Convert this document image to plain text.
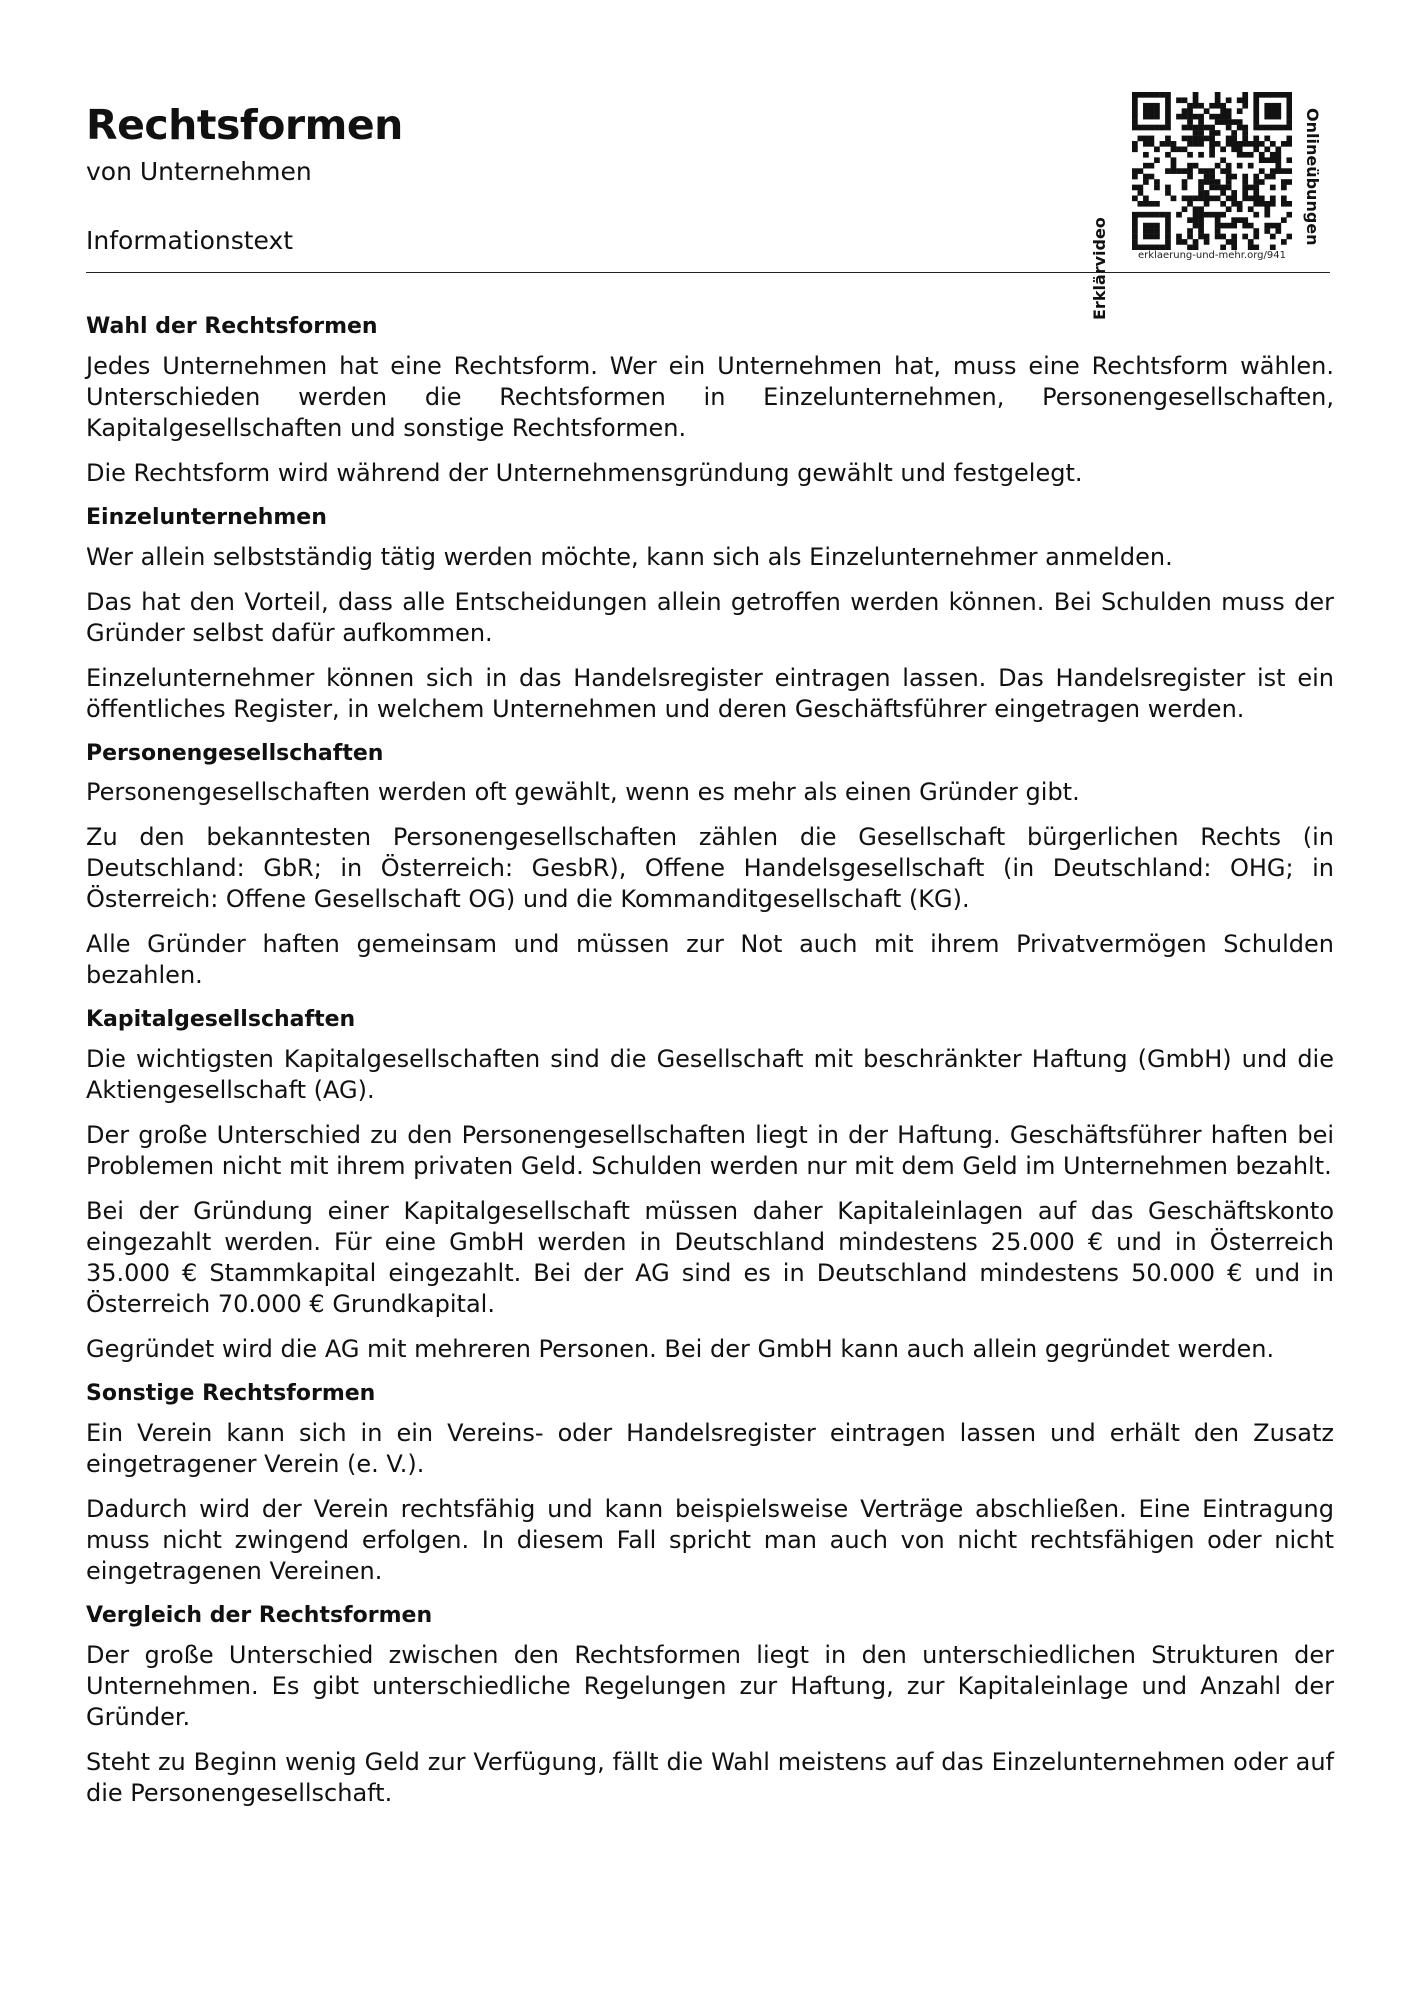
Rechtsformen

von Unternehmen

Informationstext	Erklärvideo	erklaerung-und-mehr.org/941
Onlineübungen
Wahl der Rechtsformen

Jedes Unternehmen hat eine Rechtsform. Wer ein Unternehmen hat, muss eine Rechtsform wählen. Unterschieden werden die Rechtsformen in Einzelunternehmen, Personengesellschaften, Kapitalgesellschaften und sonstige Rechtsformen.

Die Rechtsform wird während der Unternehmensgründung gewählt und festgelegt.

Einzelunternehmen

Wer allein selbstständig tätig werden möchte, kann sich als Einzelunternehmer anmelden.

Das hat den Vorteil, dass alle Entscheidungen allein getroffen werden können. Bei Schulden muss der Gründer selbst dafür aufkommen.

Einzelunternehmer können sich in das Handelsregister eintragen lassen. Das Handelsregister ist ein öffentliches Register, in welchem Unternehmen und deren Geschäftsführer eingetragen werden.

Personengesellschaften

Personengesellschaften werden oft gewählt, wenn es mehr als einen Gründer gibt.

Zu den bekanntesten Personengesellschaften zählen die Gesellschaft bürgerlichen Rechts (in Deutschland: GbR; in Österreich: GesbR), Offene Handelsgesellschaft (in Deutschland: OHG; in Österreich: Offene Gesellschaft OG) und die Kommanditgesellschaft (KG).

Alle Gründer haften gemeinsam und müssen zur Not auch mit ihrem Privatvermögen Schulden bezahlen.

Kapitalgesellschaften

Die wichtigsten Kapitalgesellschaften sind die Gesellschaft mit beschränkter Haftung (GmbH) und die Aktiengesellschaft (AG).

Der große Unterschied zu den Personengesellschaften liegt in der Haftung. Geschäftsführer haften bei Problemen nicht mit ihrem privaten Geld. Schulden werden nur mit dem Geld im Unternehmen bezahlt.

Bei der Gründung einer Kapitalgesellschaft müssen daher Kapitaleinlagen auf das Geschäftskonto eingezahlt werden. Für eine GmbH werden in Deutschland mindestens 25.000 € und in Österreich 35.000 € Stammkapital eingezahlt. Bei der AG sind es in Deutschland mindestens 50.000 € und in Österreich 70.000 € Grundkapital.

Gegründet wird die AG mit mehreren Personen. Bei der GmbH kann auch allein gegründet werden.

Sonstige Rechtsformen

Ein Verein kann sich in ein Vereins- oder Handelsregister eintragen lassen und erhält den Zusatz eingetragener Verein (e. V.).

Dadurch wird der Verein rechtsfähig und kann beispielsweise Verträge abschließen. Eine Eintragung muss nicht zwingend erfolgen. In diesem Fall spricht man auch von nicht rechtsfähigen oder nicht eingetragenen Vereinen.

Vergleich der Rechtsformen

Der große Unterschied zwischen den Rechtsformen liegt in den unterschiedlichen Strukturen der Unternehmen. Es gibt unterschiedliche Regelungen zur Haftung, zur Kapitaleinlage und Anzahl der Gründer.

Steht zu Beginn wenig Geld zur Verfügung, fällt die Wahl meistens auf das Einzelunternehmen oder auf die Personengesellschaft.
